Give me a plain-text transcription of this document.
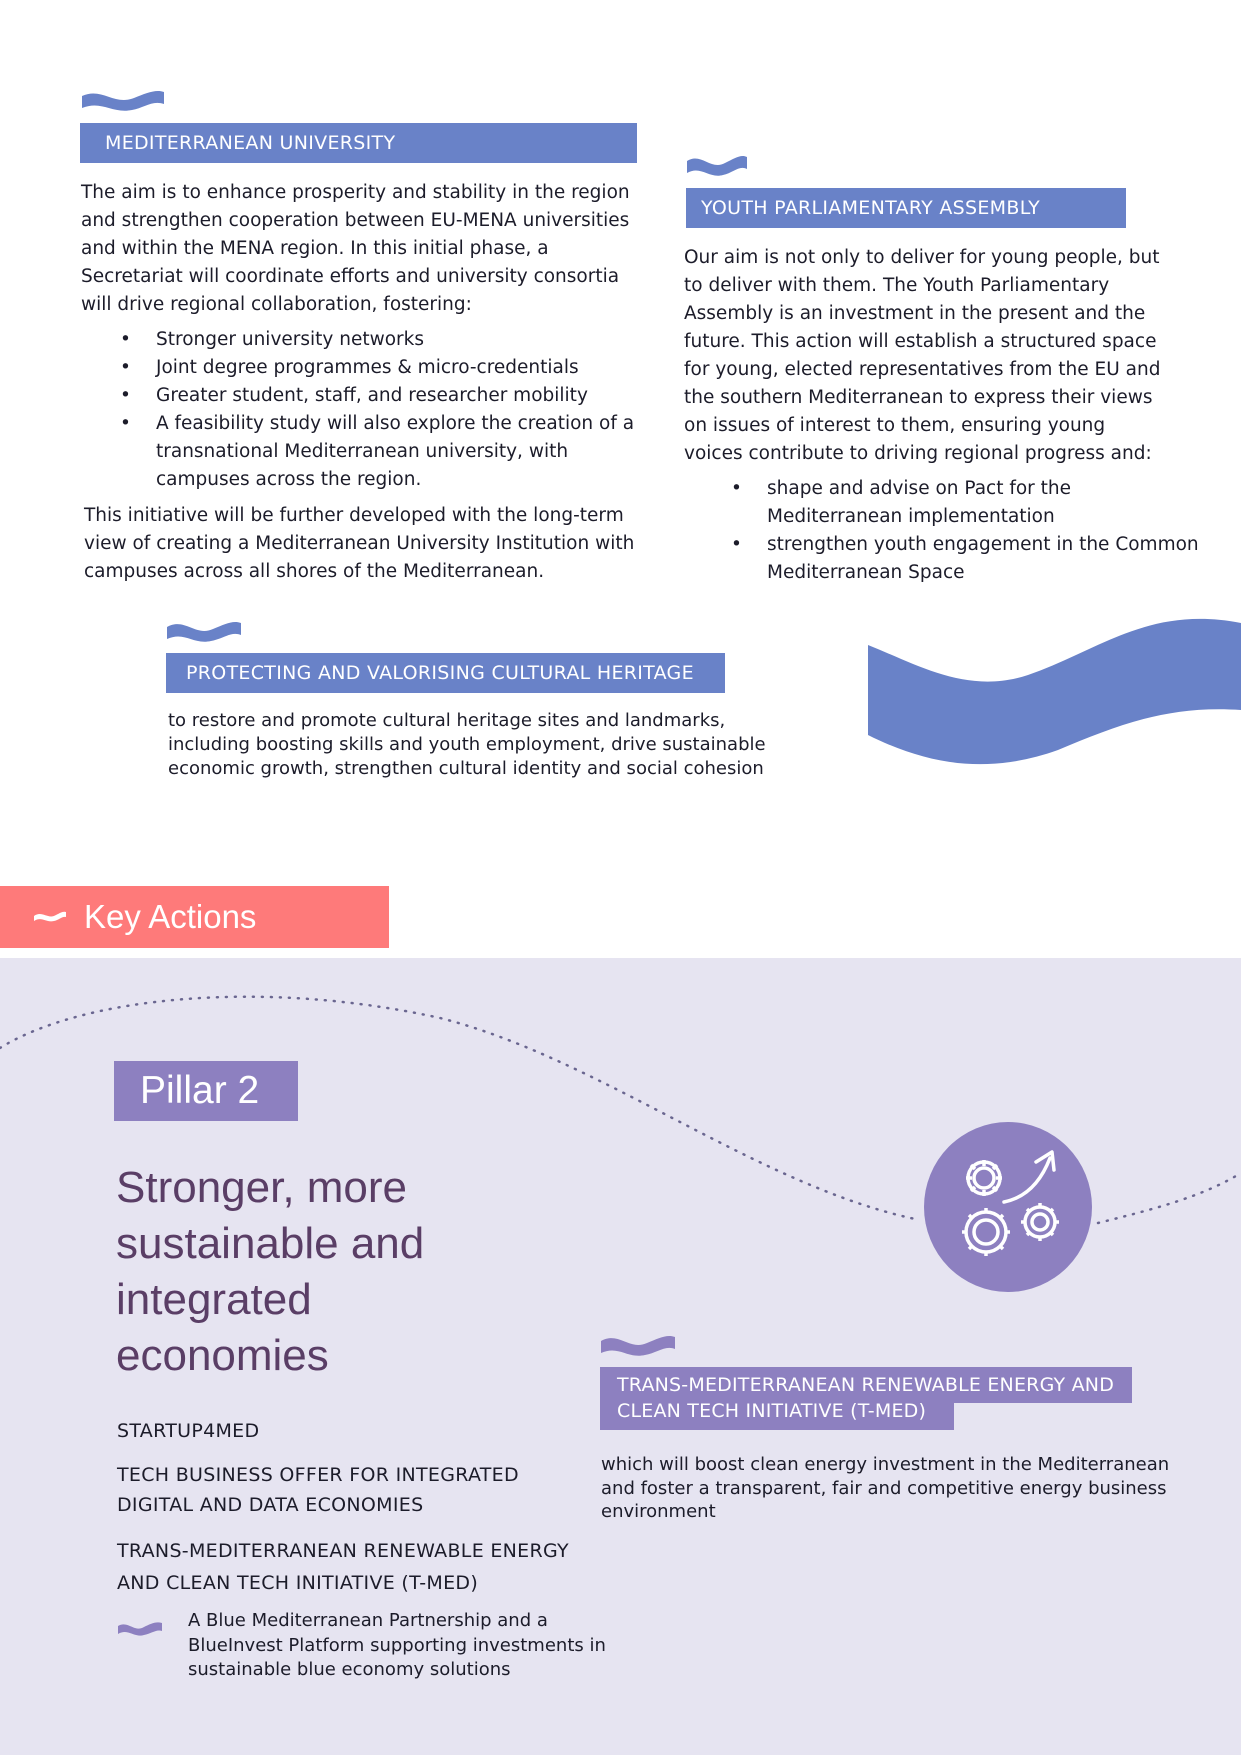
MEDITERRANEAN UNIVERSITY

The aim is to enhance prosperity and stability in the region and strengthen cooperation between EU-MENA universities and within the MENA region. In this initial phase, a Secretariat will coordinate efforts and university consortia will drive regional collaboration, fostering:

• Stronger university networks
• Joint degree programmes & micro-credentials
• Greater student, staff, and researcher mobility
• A feasibility study will also explore the creation of a transnational Mediterranean university, with campuses across the region.

This initiative will be further developed with the long-term view of creating a Mediterranean University Institution with campuses across all shores of the Mediterranean.

YOUTH PARLIAMENTARY ASSEMBLY

Our aim is not only to deliver for young people, but to deliver with them. The Youth Parliamentary Assembly is an investment in the present and the future. This action will establish a structured space for young, elected representatives from the EU and the southern Mediterranean to express their views on issues of interest to them, ensuring young voices contribute to driving regional progress and:

• shape and advise on Pact for the Mediterranean implementation
• strengthen youth engagement in the Common Mediterranean Space
PROTECTING AND VALORISING CULTURAL HERITAGE

to restore and promote cultural heritage sites and landmarks, including boosting skills and youth employment, drive sustainable economic growth, strengthen cultural identity and social cohesion

Key Actions
Pillar 2
Stronger, more sustainable and integrated economies
STARTUP4MED
TECH BUSINESS OFFER FOR INTEGRATED DIGITAL AND DATA ECONOMIES
TRANS-MEDITERRANEAN RENEWABLE ENERGY AND CLEAN TECH INITIATIVE (T-MED)

A Blue Mediterranean Partnership and a BlueInvest Platform supporting investments in sustainable blue economy solutions

TRANS-MEDITERRANEAN RENEWABLE ENERGY AND
CLEAN TECH INITIATIVE (T-MED)

which will boost clean energy investment in the Mediterranean and foster a transparent, fair and competitive energy business environment
